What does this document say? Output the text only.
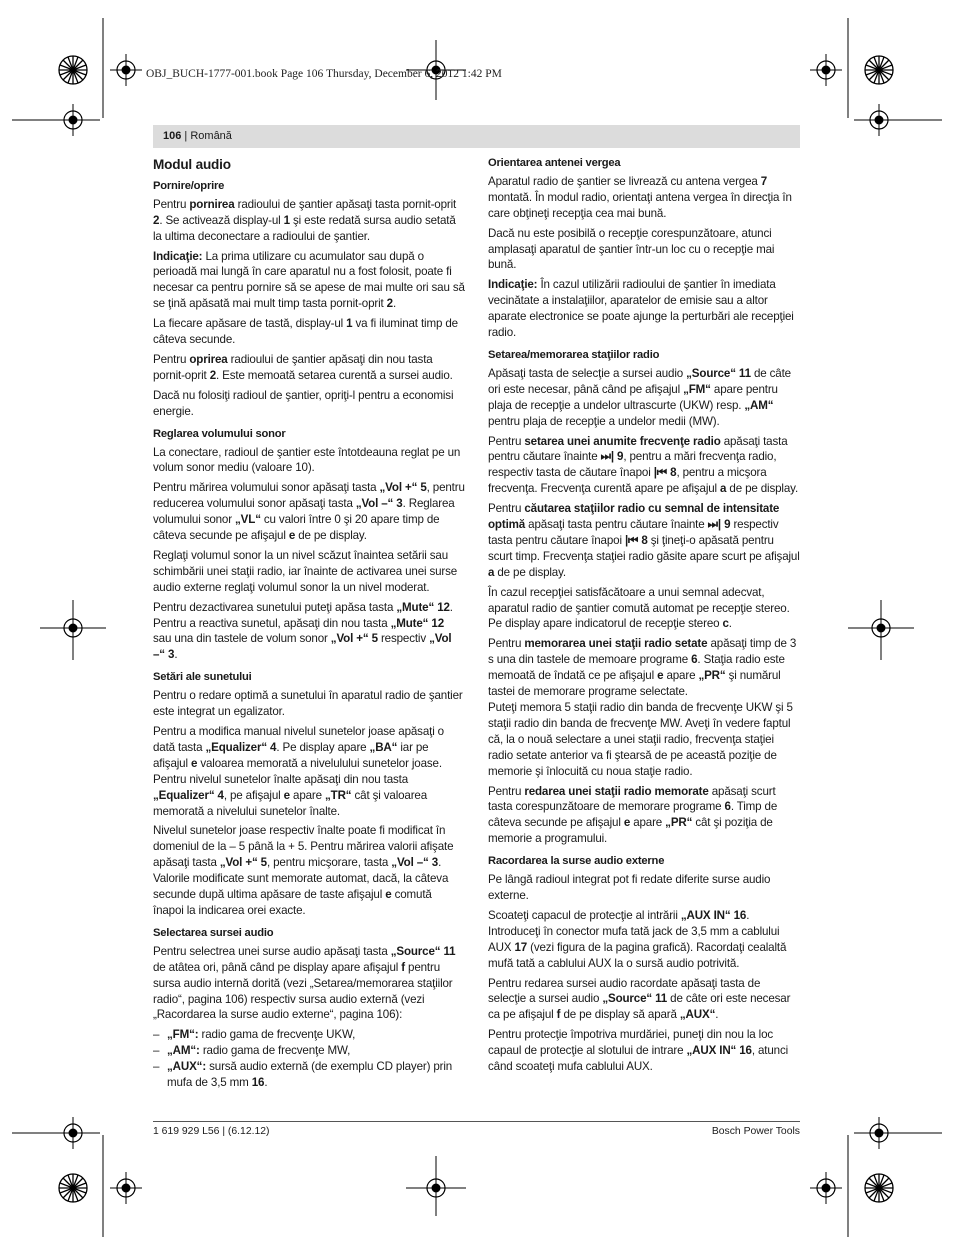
OBJ_BUCH-1777-001.book Page 106 Thursday, December 6, 2012 1:42 PM
106 | Română
Modul audio
Pornire/oprire

Pentru pornirea radioului de şantier apăsaţi tasta pornit-oprit 2. Se activează display-ul 1 şi este redată sursa audio setată la ultima deconectare a radioului de şantier.

Indicaţie: La prima utilizare cu acumulator sau după o perioadă mai lungă în care aparatul nu a fost folosit, poate fi necesar ca pentru pornire să se apese de mai multe ori sau să se ţină apăsată mai mult timp tasta pornit-oprit 2.

La fiecare apăsare de tastă, display-ul 1 va fi iluminat timp de câteva secunde.

Pentru oprirea radioului de şantier apăsaţi din nou tasta pornit-oprit 2. Este memoată setarea curentă a sursei audio.

Dacă nu folosiţi radioul de şantier, opriţi-l pentru a economisi energie.

Reglarea volumului sonor

La conectare, radioul de şantier este întotdeauna reglat pe un volum sonor mediu (valoare 10).

Pentru mărirea volumului sonor apăsaţi tasta „Vol +“ 5, pentru reducerea volumului sonor apăsaţi tasta „Vol –“ 3. Reglarea volumului sonor „VL“ cu valori între 0 şi 20 apare timp de câteva secunde pe afişajul e de pe display.

Reglaţi volumul sonor la un nivel scăzut înaintea setării sau schimbării unei staţii radio, iar înainte de activarea unei surse audio externe reglaţi volumul sonor la un nivel moderat.

Pentru dezactivarea sunetului puteţi apăsa tasta „Mute“ 12. Pentru a reactiva sunetul, apăsaţi din nou tasta „Mute“ 12 sau una din tastele de volum sonor „Vol +“ 5 respectiv „Vol –“ 3.

Setări ale sunetului

Pentru o redare optimă a sunetului în aparatul radio de şantier este integrat un egalizator.

Pentru a modifica manual nivelul sunetelor joase apăsaţi o dată tasta „Equalizer“ 4. Pe display apare „BA“ iar pe afişajul e valoarea memorată a nivelulului sunetelor joase. Pentru nivelul sunetelor înalte apăsaţi din nou tasta „Equalizer“ 4, pe afişajul e apare „TR“ cât şi valoarea memorată a nivelului sunetelor înalte.

Nivelul sunetelor joase respectiv înalte poate fi modificat în domeniul de la – 5 până la + 5. Pentru mărirea valorii afişate apăsaţi tasta „Vol +“ 5, pentru micşorare, tasta „Vol –“ 3. Valorile modificate sunt memorate automat, dacă, la câteva secunde după ultima apăsare de taste afişajul e comută înapoi la indicarea orei exacte.

Selectarea sursei audio

Pentru selectrea unei surse audio apăsaţi tasta „Source“ 11 de atâtea ori, până când pe display apare afişajul f pentru sursa audio internă dorită (vezi „Setarea/memorarea staţiilor radio“, pagina 106) respectiv sursa audio externă (vezi „Racordarea la surse audio externe“, pagina 106):

– „FM“: radio gama de frecvenţe UKW,
– „AM“: radio gama de frecvenţe MW,
– „AUX“: sursă audio externă (de exemplu CD player) prin mufa de 3,5 mm 16.
Orientarea antenei vergea

Aparatul radio de şantier se livrează cu antena vergea 7 montată. În modul radio, orientaţi antena vergea în direcţia în care obţineţi recepţia cea mai bună.

Dacă nu este posibilă o recepţie corespunzătoare, atunci amplasaţi aparatul de şantier într-un loc cu o recepţie mai bună.

Indicaţie: În cazul utilizării radioului de şantier în imediata vecinătate a instalaţiilor, aparatelor de emisie sau a altor aparate electronice se poate ajunge la perturbări ale recepţiei radio.

Setarea/memorarea staţiilor radio

Apăsaţi tasta de selecţie a sursei audio „Source“ 11 de câte ori este necesar, până când pe afişajul „FM“ apare pentru plaja de recepţie a undelor ultrascurte (UKW) resp. „AM“ pentru plaja de recepţie a undelor medii (MW).

Pentru setarea unei anumite frecvenţe radio apăsaţi tasta pentru căutare înainte ⏭| 9, pentru a mări frecvenţa radio, respectiv tasta de căutare înapoi |⏮ 8, pentru a micşora frecvenţa. Frecvenţa curentă apare pe afişajul a de pe display.

Pentru căutarea staţiilor radio cu semnal de intensitate optimă apăsaţi tasta pentru căutare înainte ⏭| 9 respectiv tasta pentru căutare înapoi |⏮ 8 şi ţineţi-o apăsată pentru scurt timp. Frecvenţa staţiei radio găsite apare scurt pe afişajul a de pe display.

În cazul recepţiei satisfăcătoare a unui semnal adecvat, aparatul radio de şantier comută automat pe recepţie stereo. Pe display apare indicatorul de recepţie stereo c.

Pentru memorarea unei staţii radio setate apăsaţi timp de 3 s una din tastele de memoare programe 6. Staţia radio este memoată de îndată ce pe afişajul e apare „PR“ şi numărul tastei de memorare programe selectate.

Puteţi memora 5 staţii radio din banda de frecvenţe UKW şi 5 staţii radio din banda de frecvenţe MW. Aveţi în vedere faptul că, la o nouă selectare a unei staţii radio, frecvenţa staţiei radio setate anterior va fi ştearsă de pe această poziţie de memorie şi înlocuită cu noua staţie radio.

Pentru redarea unei staţii radio memorate apăsaţi scurt tasta corespunzătoare de memorare programe 6. Timp de câteva secunde pe afişajul e apare „PR“ cât şi poziţia de memorie a programului.

Racordarea la surse audio externe

Pe lângă radioul integrat pot fi redate diferite surse audio externe.

Scoateţi capacul de protecţie al intrării „AUX IN“ 16. Introduceţi în conector mufa tată jack de 3,5 mm a cablului AUX 17 (vezi figura de la pagina grafică). Racordaţi cealaltă mufă tată a cablului AUX la o sursă audio potrivită.

Pentru redarea sursei audio racordate apăsaţi tasta de selecţie a sursei audio „Source“ 11 de câte ori este necesar ca pe afişajul f de pe display să apară „AUX“.

Pentru protecţie împotriva murdăriei, puneţi din nou la loc capaul de protecţie al slotului de intrare „AUX IN“ 16, atunci când scoateţi mufa cablului AUX.

1 619 929 L56 | (6.12.12)	Bosch Power Tools
